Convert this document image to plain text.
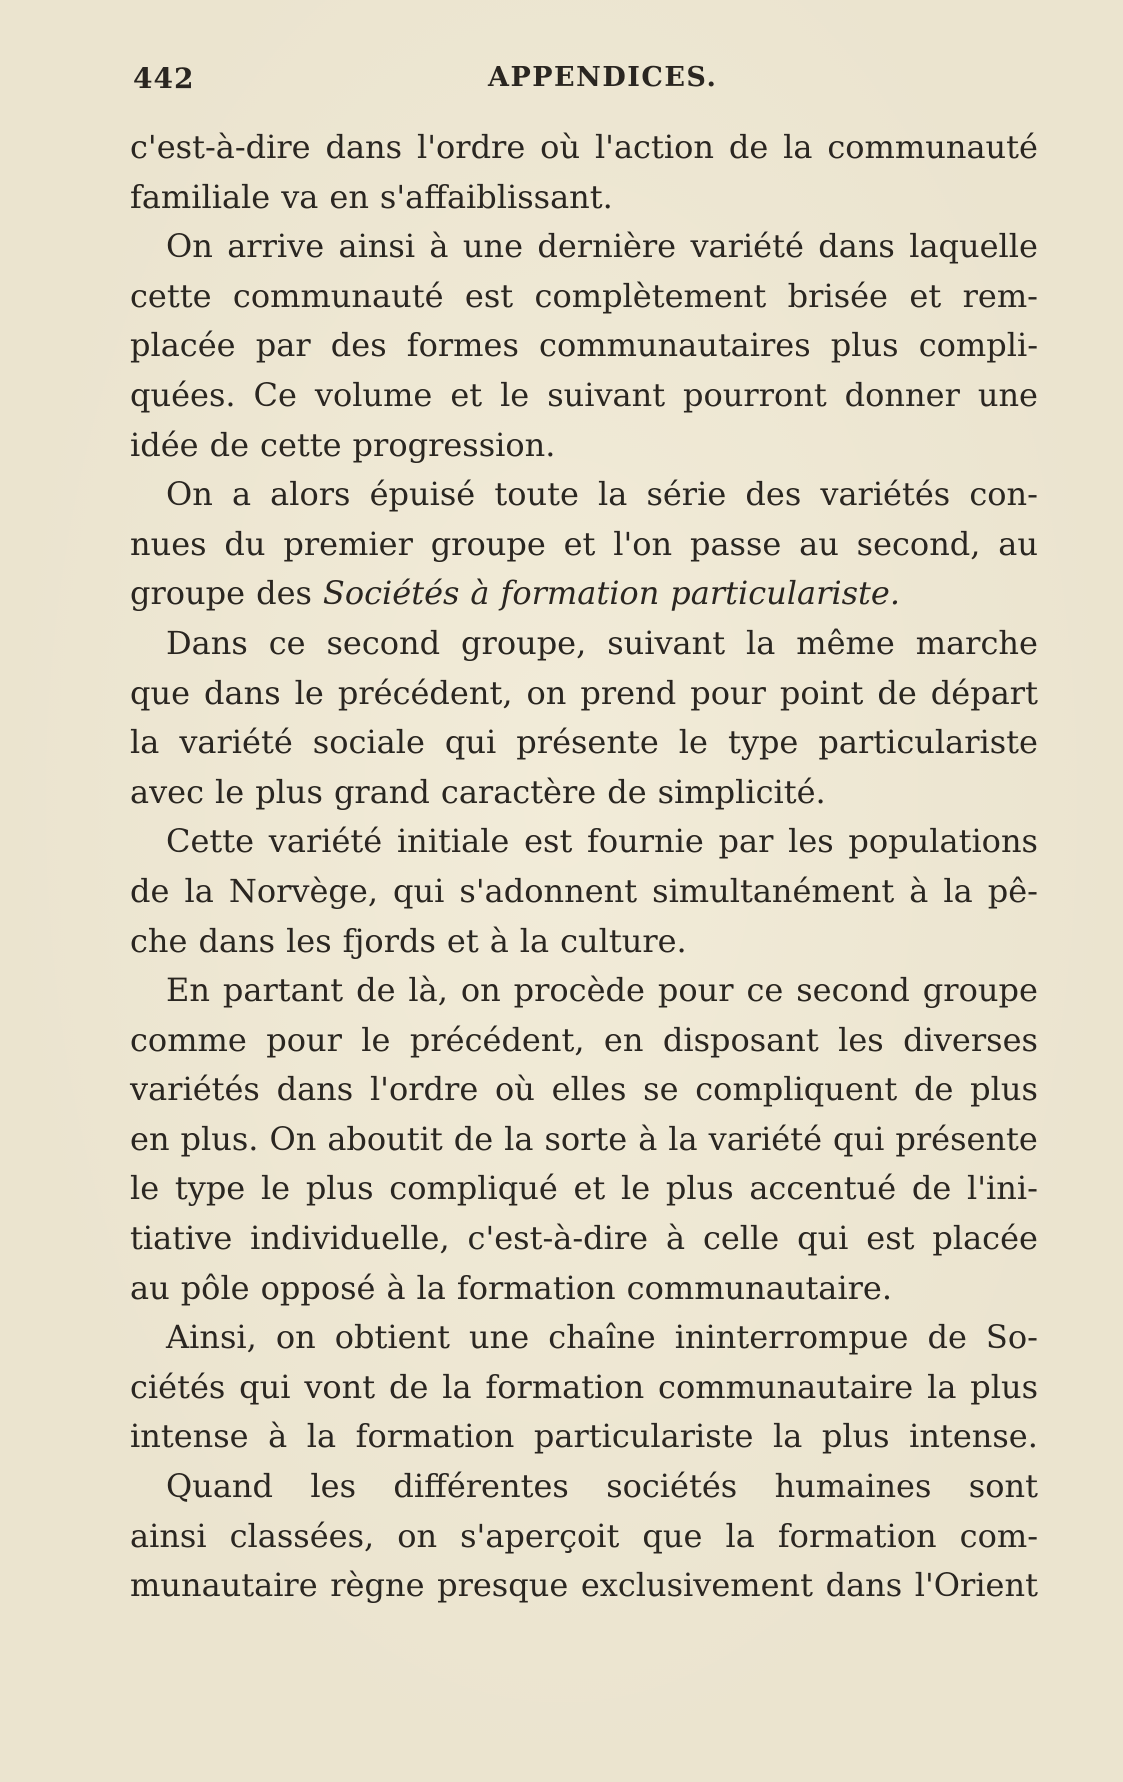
442	APPENDICES.
c'est-à-dire dans l'ordre où l'action de la communauté
familiale va en s'affaiblissant.
On arrive ainsi à une dernière variété dans laquelle
cette communauté est complètement brisée et rem-
placée par des formes communautaires plus compli-
quées. Ce volume et le suivant pourront donner une
idée de cette progression.
On a alors épuisé toute la série des variétés con-
nues du premier groupe et l'on passe au second, au
groupe des Sociétés à formation particulariste.
Dans ce second groupe, suivant la même marche
que dans le précédent, on prend pour point de départ
la variété sociale qui présente le type particulariste
avec le plus grand caractère de simplicité.
Cette variété initiale est fournie par les populations
de la Norvège, qui s'adonnent simultanément à la pê-
che dans les fjords et à la culture.
En partant de là, on procède pour ce second groupe
comme pour le précédent, en disposant les diverses
variétés dans l'ordre où elles se compliquent de plus
en plus. On aboutit de la sorte à la variété qui présente
le type le plus compliqué et le plus accentué de l'ini-
tiative individuelle, c'est-à-dire à celle qui est placée
au pôle opposé à la formation communautaire.
Ainsi, on obtient une chaîne ininterrompue de So-
ciétés qui vont de la formation communautaire la plus
intense à la formation particulariste la plus intense.
Quand les différentes sociétés humaines sont
ainsi classées, on s'aperçoit que la formation com-
munautaire règne presque exclusivement dans l'Orient
